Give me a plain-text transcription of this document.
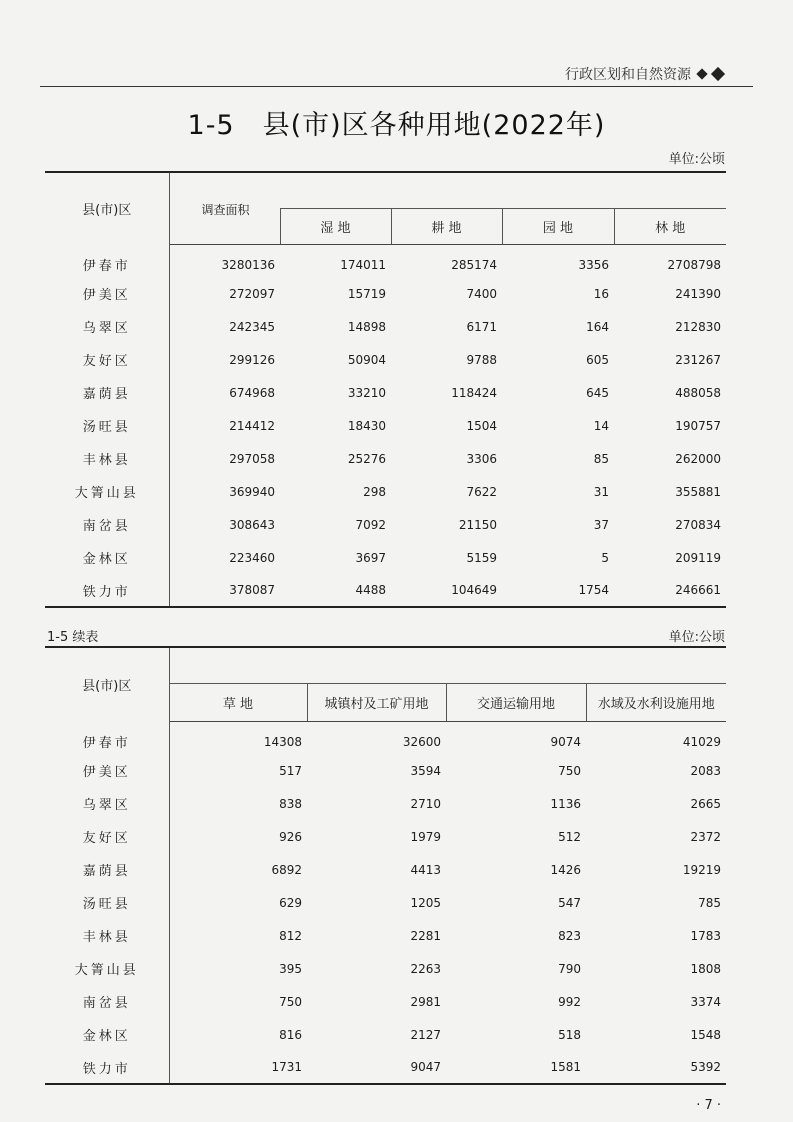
行政区划和自然资源
1-5　县(市)区各种用地(2022年)
单位:公顷
县(市)区	调查面积				
		湿 地	耕 地	园 地	林 地
伊春市	3280136	174011	285174	3356	2708798
伊美区	272097	15719	7400	16	241390
乌翠区	242345	14898	6171	164	212830
友好区	299126	50904	9788	605	231267
嘉荫县	674968	33210	118424	645	488058
汤旺县	214412	18430	1504	14	190757
丰林县	297058	25276	3306	85	262000
大箐山县	369940	298	7622	31	355881
南岔县	308643	7092	21150	37	270834
金林区	223460	3697	5159	5	209119
铁力市	378087	4488	104649	1754	246661
1-5 续表	单位:公顷
县(市)区				
	草 地	城镇村及工矿用地	交通运输用地	水域及水利设施用地
伊春市	14308	32600	9074	41029
伊美区	517	3594	750	2083
乌翠区	838	2710	1136	2665
友好区	926	1979	512	2372
嘉荫县	6892	4413	1426	19219
汤旺县	629	1205	547	785
丰林县	812	2281	823	1783
大箐山县	395	2263	790	1808
南岔县	750	2981	992	3374
金林区	816	2127	518	1548
铁力市	1731	9047	1581	5392
· 7 ·
